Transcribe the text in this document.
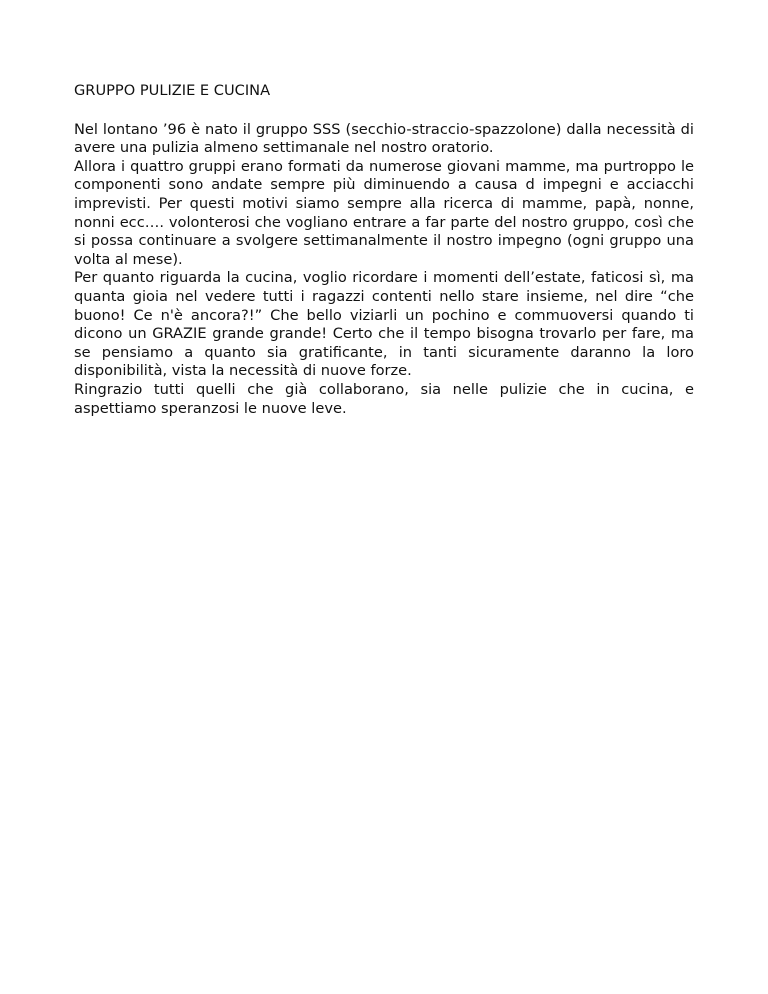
GRUPPO PULIZIE E CUCINA

Nel lontano ’96 è nato il gruppo SSS (secchio-straccio-spazzolone) dalla necessità di avere una pulizia almeno settimanale nel nostro oratorio.

Allora i quattro gruppi erano formati da numerose giovani mamme, ma purtroppo le componenti sono andate sempre più diminuendo a causa d impegni e acciacchi imprevisti. Per questi motivi siamo sempre alla ricerca di mamme, papà, nonne, nonni ecc…. volonterosi che vogliano entrare a far parte del nostro gruppo, così che si possa continuare a svolgere settimanalmente il nostro impegno (ogni gruppo una volta al mese).

Per quanto riguarda la cucina, voglio ricordare i momenti dell’estate, faticosi sì, ma quanta gioia nel vedere tutti i ragazzi contenti nello stare insieme, nel dire “che buono! Ce n'è ancora?!” Che bello viziarli un pochino e commuoversi quando ti dicono un GRAZIE grande grande! Certo che il tempo bisogna trovarlo per fare, ma se pensiamo a quanto sia gratificante, in tanti sicuramente daranno la loro disponibilità, vista la necessità di nuove forze.

Ringrazio tutti quelli che già collaborano, sia nelle pulizie che in cucina, e aspettiamo speranzosi le nuove leve.
